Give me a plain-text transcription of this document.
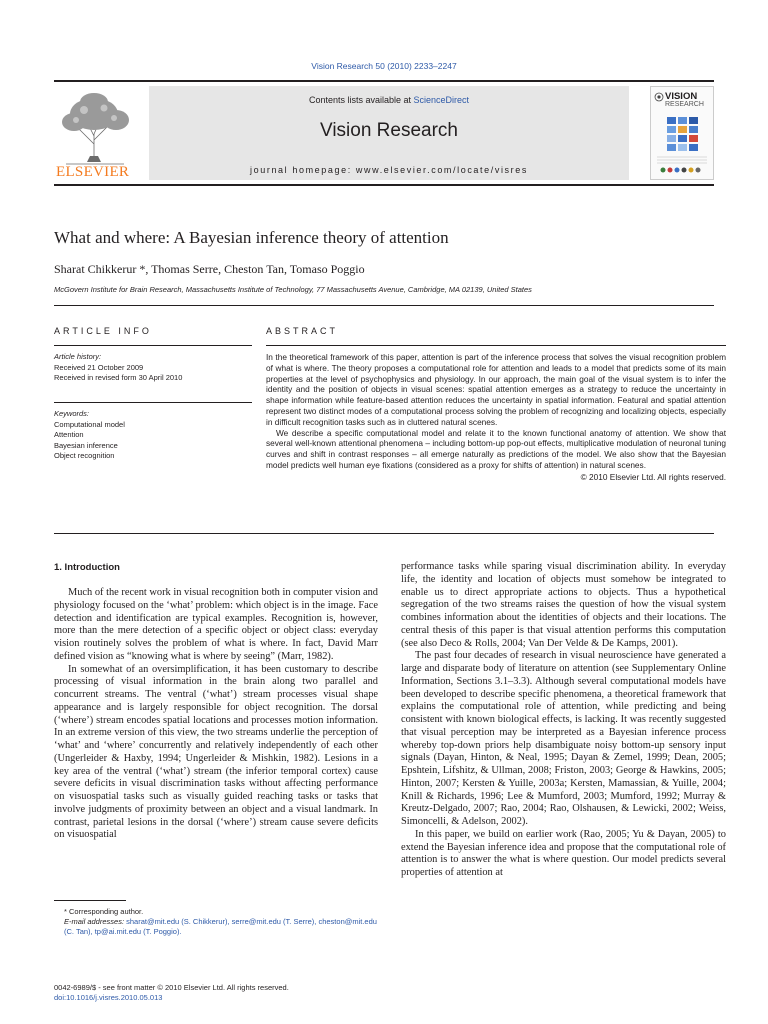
Vision Research 50 (2010) 2233–2247
ELSEVIER
Contents lists available at ScienceDirect
Vision Research
journal homepage: www.elsevier.com/locate/visres
VISION
RESEARCH
What and where: A Bayesian inference theory of attention
Sharat Chikkerur *, Thomas Serre, Cheston Tan, Tomaso Poggio
McGovern Institute for Brain Research, Massachusetts Institute of Technology, 77 Massachusetts Avenue, Cambridge, MA 02139, United States
ARTICLE INFO	ABSTRACT
Article history:
Received 21 October 2009
Received in revised form 30 April 2010
Keywords:
Computational model
Attention
Bayesian inference
Object recognition

In the theoretical framework of this paper, attention is part of the inference process that solves the visual recognition problem of what is where. The theory proposes a computational role for attention and leads to a model that predicts some of its main properties at the level of psychophysics and physiology. In our approach, the main goal of the visual system is to infer the identity and the position of objects in visual scenes: spatial attention emerges as a strategy to reduce the uncertainty in shape information while feature-based attention reduces the uncertainty in spatial information. Featural and spatial attention represent two distinct modes of a computational process solving the problem of recognizing and localizing objects, especially in difficult recognition tasks such as in cluttered natural scenes.

We describe a specific computational model and relate it to the known functional anatomy of attention. We show that several well-known attentional phenomena – including bottom-up pop-out effects, multiplicative modulation of neuronal tuning curves and shift in contrast responses – all emerge naturally as predictions of the model. We also show that the Bayesian model predicts well human eye fixations (considered as a proxy for shifts of attention) in natural scenes.

© 2010 Elsevier Ltd. All rights reserved.
1. Introduction

Much of the recent work in visual recognition both in computer vision and physiology focused on the ‘what’ problem: which object is in the image. Face detection and identification are typical examples. Recognition is, however, more than the mere detection of a specific object or object class: everyday vision routinely solves the problem of what is where. In fact, David Marr defined vision as “knowing what is where by seeing” (Marr, 1982).

In somewhat of an oversimplification, it has been customary to describe processing of visual information in the brain along two parallel and concurrent streams. The ventral (‘what’) stream processes visual shape appearance and is largely responsible for object recognition. The dorsal (‘where’) stream encodes spatial locations and processes motion information. In an extreme version of this view, the two streams underlie the perception of ‘what’ and ‘where’ concurrently and relatively independently of each other (Ungerleider & Haxby, 1994; Ungerleider & Mishkin, 1982). Lesions in a key area of the ventral (‘what’) stream (the inferior temporal cortex) cause severe deficits in visual discrimination tasks without affecting performance on visuospatial tasks such as visually guided reaching tasks or tasks that involve judgments of proximity between an object and a visual landmark. In contrast, parietal lesions in the dorsal (‘where’) stream cause severe deficits on visuospatial

performance tasks while sparing visual discrimination ability. In everyday life, the identity and location of objects must somehow be integrated to enable us to direct appropriate actions to objects. Thus a hypothetical segregation of the two streams raises the question of how the visual system combines information about the identities of objects and their locations. The central thesis of this paper is that visual attention performs this computation (see also Deco & Rolls, 2004; Van Der Velde & De Kamps, 2001).

The past four decades of research in visual neuroscience have generated a large and disparate body of literature on attention (see Supplementary Online Information, Sections 3.1–3.3). Although several computational models have been developed to describe specific phenomena, a theoretical framework that explains the computational role of attention, while predicting and being consistent with known biological effects, is lacking. It was recently suggested that visual perception may be interpreted as a Bayesian inference process whereby top-down priors help disambiguate noisy bottom-up sensory input signals (Dayan, Hinton, & Neal, 1995; Dayan & Zemel, 1999; Dean, 2005; Epshtein, Lifshitz, & Ullman, 2008; Friston, 2003; George & Hawkins, 2005; Hinton, 2007; Kersten & Yuille, 2003a; Kersten, Mamassian, & Yuille, 2004; Knill & Richards, 1996; Lee & Mumford, 2003; Mumford, 1992; Murray & Kreutz-Delgado, 2007; Rao, 2004; Rao, Olshausen, & Lewicki, 2002; Weiss, Simoncelli, & Adelson, 2002).

In this paper, we build on earlier work (Rao, 2005; Yu & Dayan, 2005) to extend the Bayesian inference idea and propose that the computational role of attention is to answer the what is where question. Our model predicts several properties of attention at

* Corresponding author.
E-mail addresses: sharat@mit.edu (S. Chikkerur), serre@mit.edu (T. Serre), cheston@mit.edu (C. Tan), tp@ai.mit.edu (T. Poggio).
0042-6989/$ - see front matter © 2010 Elsevier Ltd. All rights reserved.
doi:10.1016/j.visres.2010.05.013
